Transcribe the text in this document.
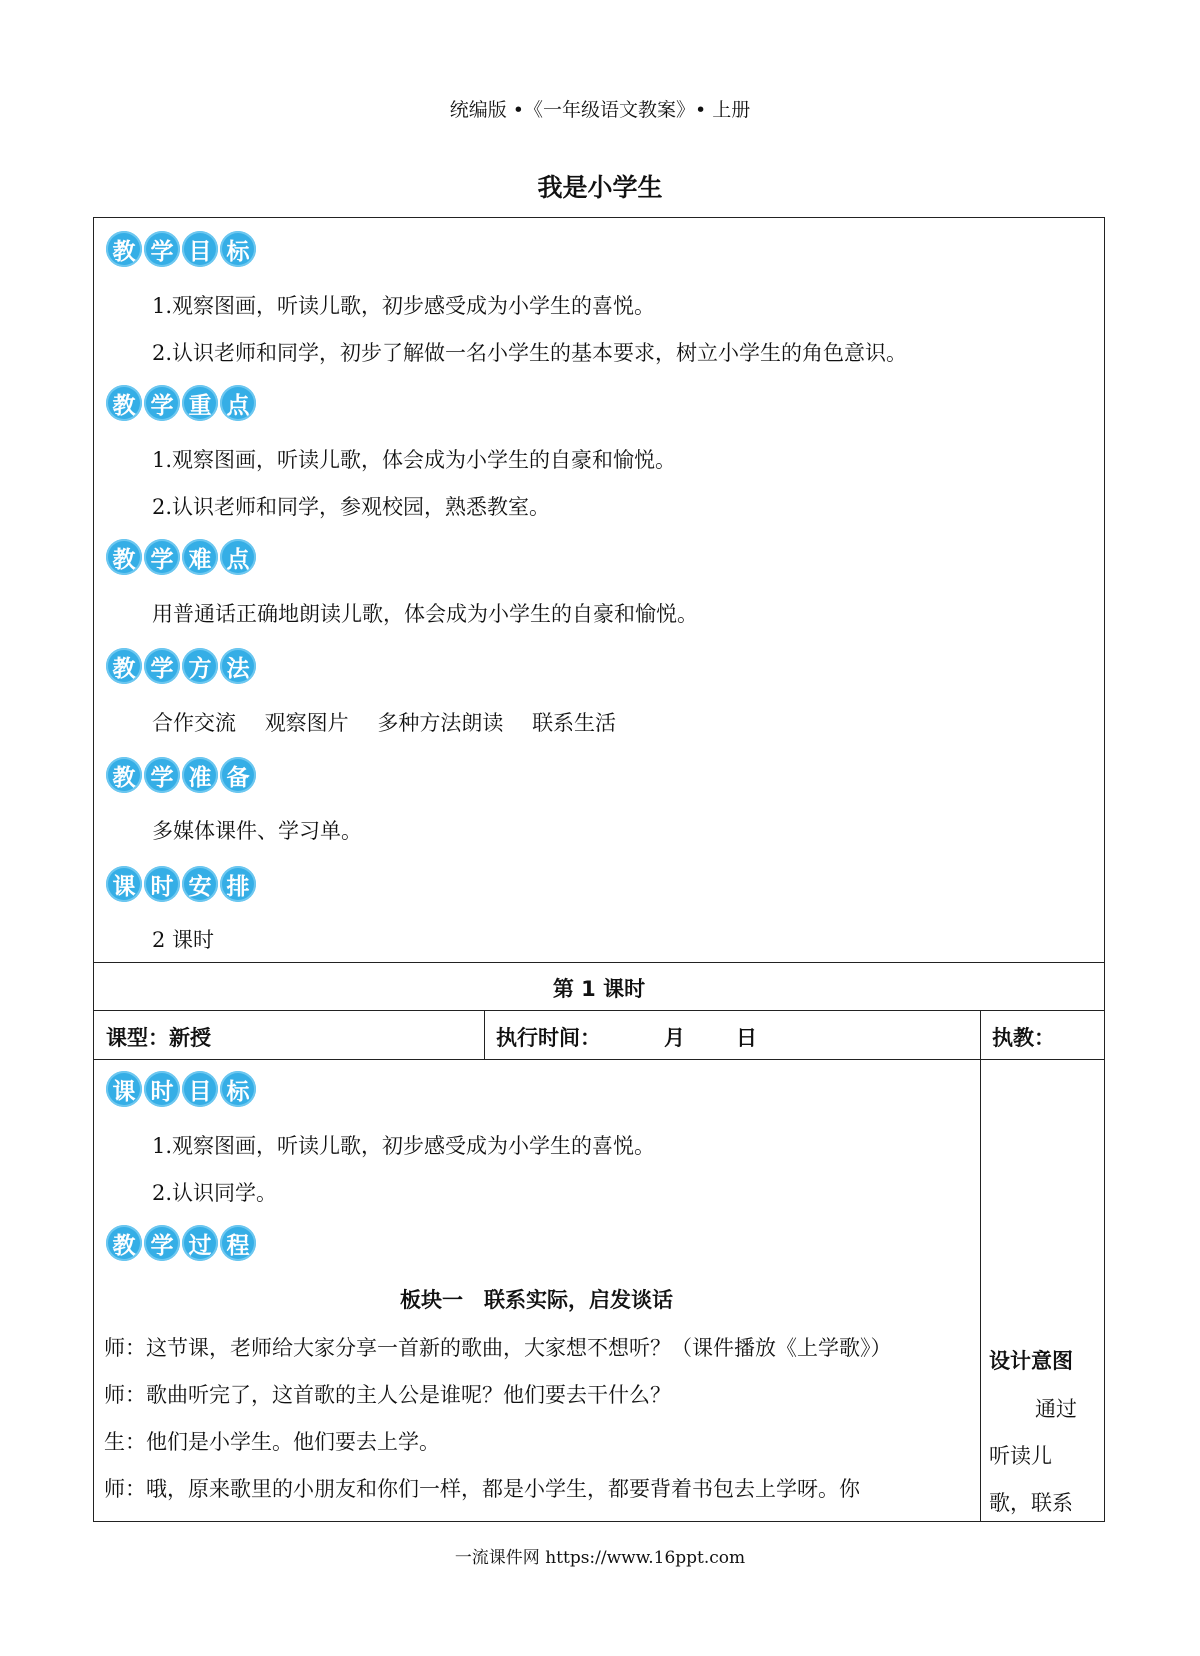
统编版 •《一年级语文教案》• 上册
我是小学生
教 学 目 标
1.观察图画，听读儿歌，初步感受成为小学生的喜悦。
2.认识老师和同学，初步了解做一名小学生的基本要求，树立小学生的角色意识。
教 学 重 点
1.观察图画，听读儿歌，体会成为小学生的自豪和愉悦。
2.认识老师和同学，参观校园，熟悉教室。
教 学 难 点
用普通话正确地朗读儿歌，体会成为小学生的自豪和愉悦。
教 学 方 法
合作交流 观察图片 多种方法朗读 联系生活
教 学 准 备
多媒体课件、学习单。
课 时 安 排
2 课时
第 1 课时
课型：新授	执行时间：	月 日	执教：
课 时 目 标
1.观察图画，听读儿歌，初步感受成为小学生的喜悦。
2.认识同学。
教 学 过 程
板块一　联系实际，启发谈话
师：这节课，老师给大家分享一首新的歌曲，大家想不想听？（课件播放《上学歌》）
师：歌曲听完了，这首歌的主人公是谁呢？他们要去干什么？
生：他们是小学生。他们要去上学。
师：哦，原来歌里的小朋友和你们一样，都是小学生，都要背着书包去上学呀。你
设计意图
通过
听读儿
歌，联系
一流课件网 https://www.16ppt.com
